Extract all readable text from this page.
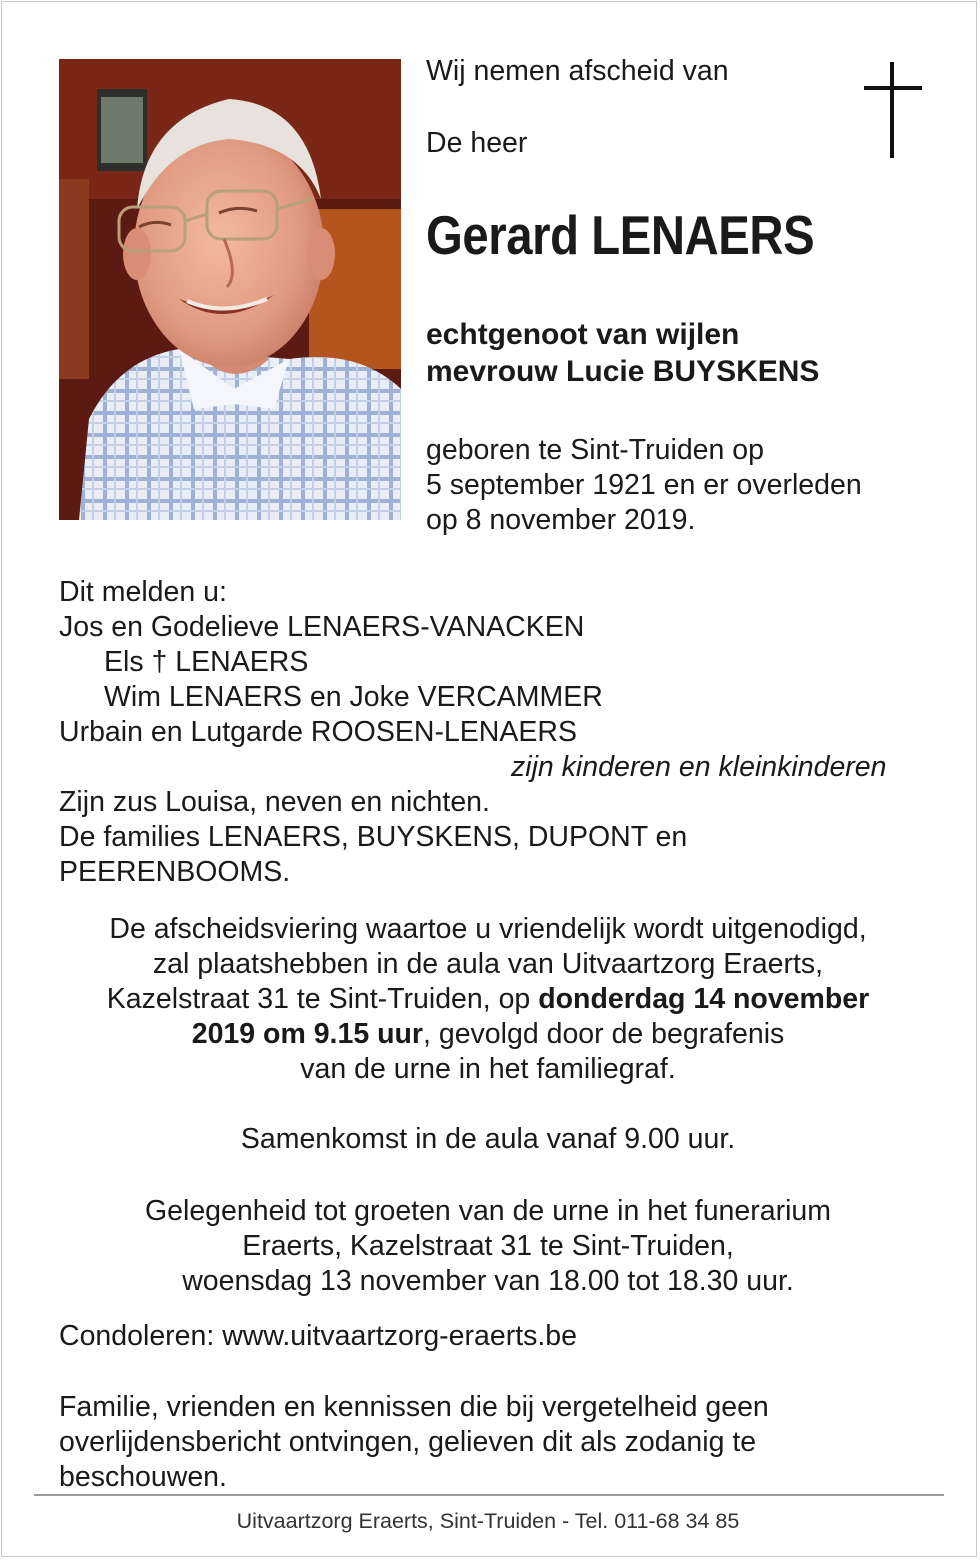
Wij nemen afscheid van
De heer
Gerard LENAERS
echtgenoot van wijlen
mevrouw Lucie BUYSKENS
geboren te Sint-Truiden op
5 september 1921 en er overleden
op 8 november 2019.
Dit melden u:
Jos en Godelieve LENAERS-VANACKEN
Els † LENAERS
Wim LENAERS en Joke VERCAMMER
Urbain en Lutgarde ROOSEN-LENAERS
zijn kinderen en kleinkinderen
Zijn zus Louisa, neven en nichten.
De families LENAERS, BUYSKENS, DUPONT en
PEERENBOOMS.
De afscheidsviering waartoe u vriendelijk wordt uitgenodigd,
zal plaatshebben in de aula van Uitvaartzorg Eraerts,
Kazelstraat 31 te Sint-Truiden, op donderdag 14 november
2019 om 9.15 uur, gevolgd door de begrafenis
van de urne in het familiegraf.
Samenkomst in de aula vanaf 9.00 uur.
Gelegenheid tot groeten van de urne in het funerarium
Eraerts, Kazelstraat 31 te Sint-Truiden,
woensdag 13 november van 18.00 tot 18.30 uur.
Condoleren: www.uitvaartzorg-eraerts.be
Familie, vrienden en kennissen die bij vergetelheid geen
overlijdensbericht ontvingen, gelieven dit als zodanig te
beschouwen.
Uitvaartzorg Eraerts, Sint-Truiden - Tel. 011-68 34 85
